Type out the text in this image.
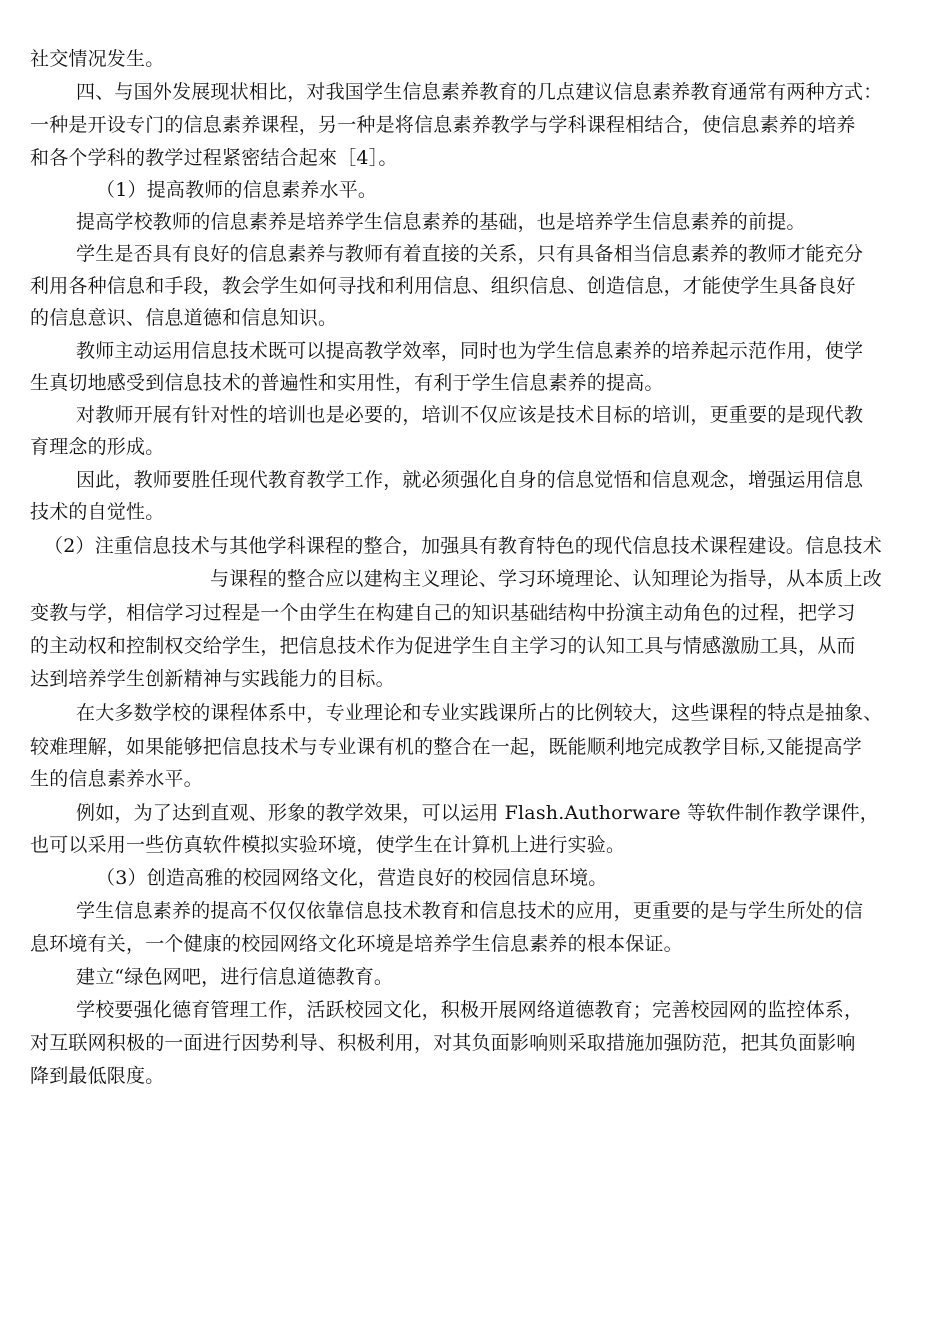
社交情况发生。
四、与国外发展现状相比，对我国学生信息素养教育的几点建议信息素养教育通常有两种方式：
一种是开设专门的信息素养课程，另一种是将信息素养教学与学科课程相结合，使信息素养的培养
和各个学科的教学过程紧密结合起來［4］。
（1）提高教师的信息素养水平。
提高学校教师的信息素养是培养学生信息素养的基础，也是培养学生信息素养的前提。
学生是否具有良好的信息素养与教师有着直接的关系，只有具备相当信息素养的教师才能充分
利用各种信息和手段，教会学生如何寻找和利用信息、组织信息、创造信息，才能使学生具备良好
的信息意识、信息道德和信息知识。
教师主动运用信息技术既可以提高教学效率，同时也为学生信息素养的培养起示范作用，使学
生真切地感受到信息技术的普遍性和实用性，有利于学生信息素养的提高。
对教师开展有针对性的培训也是必要的，培训不仅应该是技术目标的培训，更重要的是现代教
育理念的形成。
因此，教师要胜任现代教育教学工作，就必须强化自身的信息觉悟和信息观念，增强运用信息
技术的自觉性。
（2）注重信息技术与其他学科课程的整合，加强具有教育特色的现代信息技术课程建设。信息技术
与课程的整合应以建构主义理论、学习环境理论、认知理论为指导，从本质上改
变教与学，相信学习过程是一个由学生在构建自己的知识基础结构中扮演主动角色的过程，把学习
的主动权和控制权交给学生，把信息技术作为促进学生自主学习的认知工具与情感激励工具，从而
达到培养学生创新精神与实践能力的目标。
在大多数学校的课程体系中，专业理论和专业实践课所占的比例较大，这些课程的特点是抽象、
较难理解，如果能够把信息技术与专业课有机的整合在一起，既能顺利地完成教学目标,又能提高学
生的信息素养水平。
例如，为了达到直观、形象的教学效果，可以运用 Flash.Authorware 等软件制作教学课件，
也可以采用一些仿真软件模拟实验环境，使学生在计算机上进行实验。
（3）创造高雅的校园网络文化，营造良好的校园信息环境。
学生信息素养的提高不仅仅依靠信息技术教育和信息技术的应用，更重要的是与学生所处的信
息环境有关，一个健康的校园网络文化环境是培养学生信息素养的根本保证。
建立“绿色网吧，进行信息道德教育。
学校要强化德育管理工作，活跃校园文化，积极开展网络道德教育；完善校园网的监控体系，
对互联网积极的一面进行因势利导、积极利用，对其负面影响则采取措施加强防范，把其负面影响
降到最低限度。
